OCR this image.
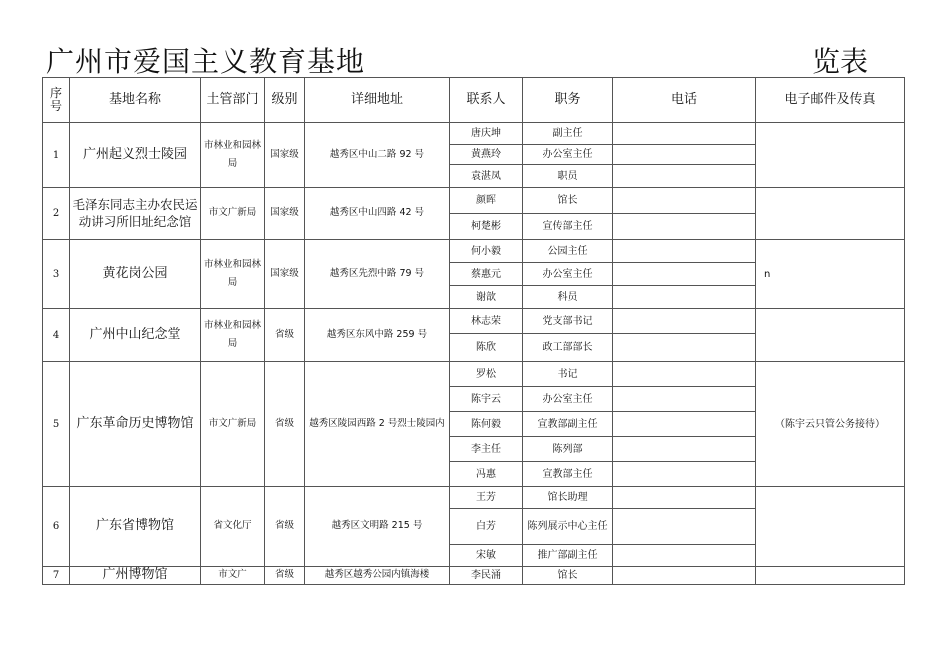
广州市爱国主义教育基地	览表
序号	基地名称	土管部门	级别	详细地址	联系人	职务	电话	电子邮件及传真
1	广州起义烈士陵园	市林业和园林局	国家级	越秀区中山二路 92 号	唐庆坤	副主任		
					黄燕玲	办公室主任		
					袁湛凤	职员		
2	毛泽东同志主办农民运动讲习所旧址纪念馆	市文广新局	国家级	越秀区中山四路 42 号	颜晖	馆长		
					柯楚彬	宣传部主任		
3	黄花岗公园	市林业和园林局	国家级	越秀区先烈中路 79 号	何小毅	公园主任		n
					蔡惠元	办公室主任		
					谢歆	科员		
4	广州中山纪念堂	市林业和园林局	省级	越秀区东风中路 259 号	林志荣	党支部书记		
					陈欣	政工部部长		
5	广东革命历史博物馆	市文广新局	省级	越秀区陵园西路 2 号烈士陵园内	罗松	书记		（陈宇云只管公务接待）
					陈宇云	办公室主任		
					陈何毅	宣教部副主任		
					李主任	陈列部		
					冯惠	宣教部主任		
6	广东省博物馆	省文化厅	省级	越秀区文明路 215 号	王芳	馆长助理		
					白芳	陈列展示中心主任		
					宋敏	推广部副主任		
7	广州博物馆	市文广	省级	越秀区越秀公园内镇海楼	李民涌	馆长		
